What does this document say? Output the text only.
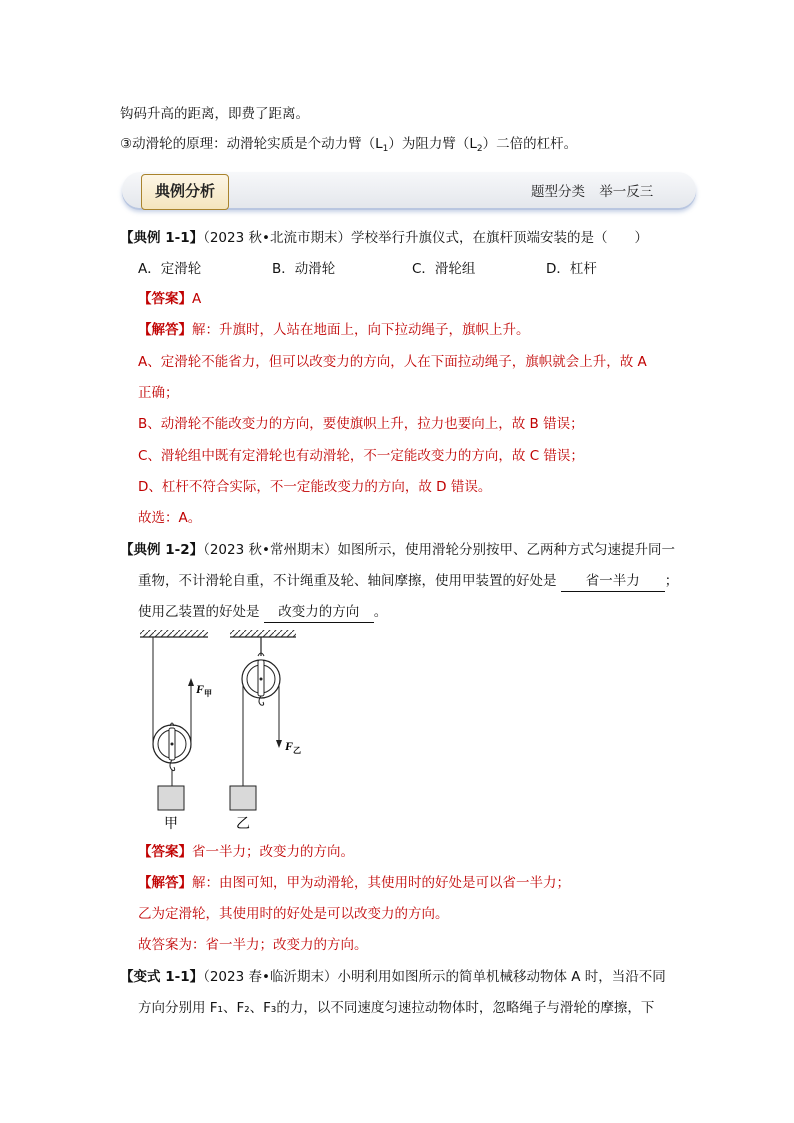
钩码升高的距离，即费了距离。
③动滑轮的原理：动滑轮实质是个动力臂$(L_1)$为阻力臂$(L_2)$二倍的杠杆。
典例分析	题型分类 举一反三
【典例 1-1】（2023 秋•北流市期末）学校举行升旗仪式，在旗杆顶端安装的是（　　）
A．定滑轮	B．动滑轮	C．滑轮组	D．杠杆
【答案】A
【解答】解：升旗时，人站在地面上，向下拉动绳子，旗帜上升。
A、定滑轮不能省力，但可以改变力的方向，人在下面拉动绳子，旗帜就会上升，故 A
正确；
B、动滑轮不能改变力的方向，要使旗帜上升，拉力也要向上，故 B 错误；
C、滑轮组中既有定滑轮也有动滑轮，不一定能改变力的方向，故 C 错误；
D、杠杆不符合实际，不一定能改变力的方向，故 D 错误。
故选：A。
【典例 1-2】（2023 秋•常州期末）如图所示，使用滑轮分别按甲、乙两种方式匀速提升同一
重物，不计滑轮自重，不计绳重及轮、轴间摩擦，使用甲装置的好处是 省一半力 ；
使用乙装置的好处是 改变力的方向 。
$F_甲$
甲
$F_乙$
乙
【答案】省一半力；改变力的方向。
【解答】解：由图可知，甲为动滑轮，其使用时的好处是可以省一半力；
乙为定滑轮，其使用时的好处是可以改变力的方向。
故答案为：省一半力；改变力的方向。
【变式 1-1】（2023 春•临沂期末）小明利用如图所示的简单机械移动物体 A 时，当沿不同
方向分别用 F₁、F₂、F₃的力，以不同速度匀速拉动物体时，忽略绳子与滑轮的摩擦，下
